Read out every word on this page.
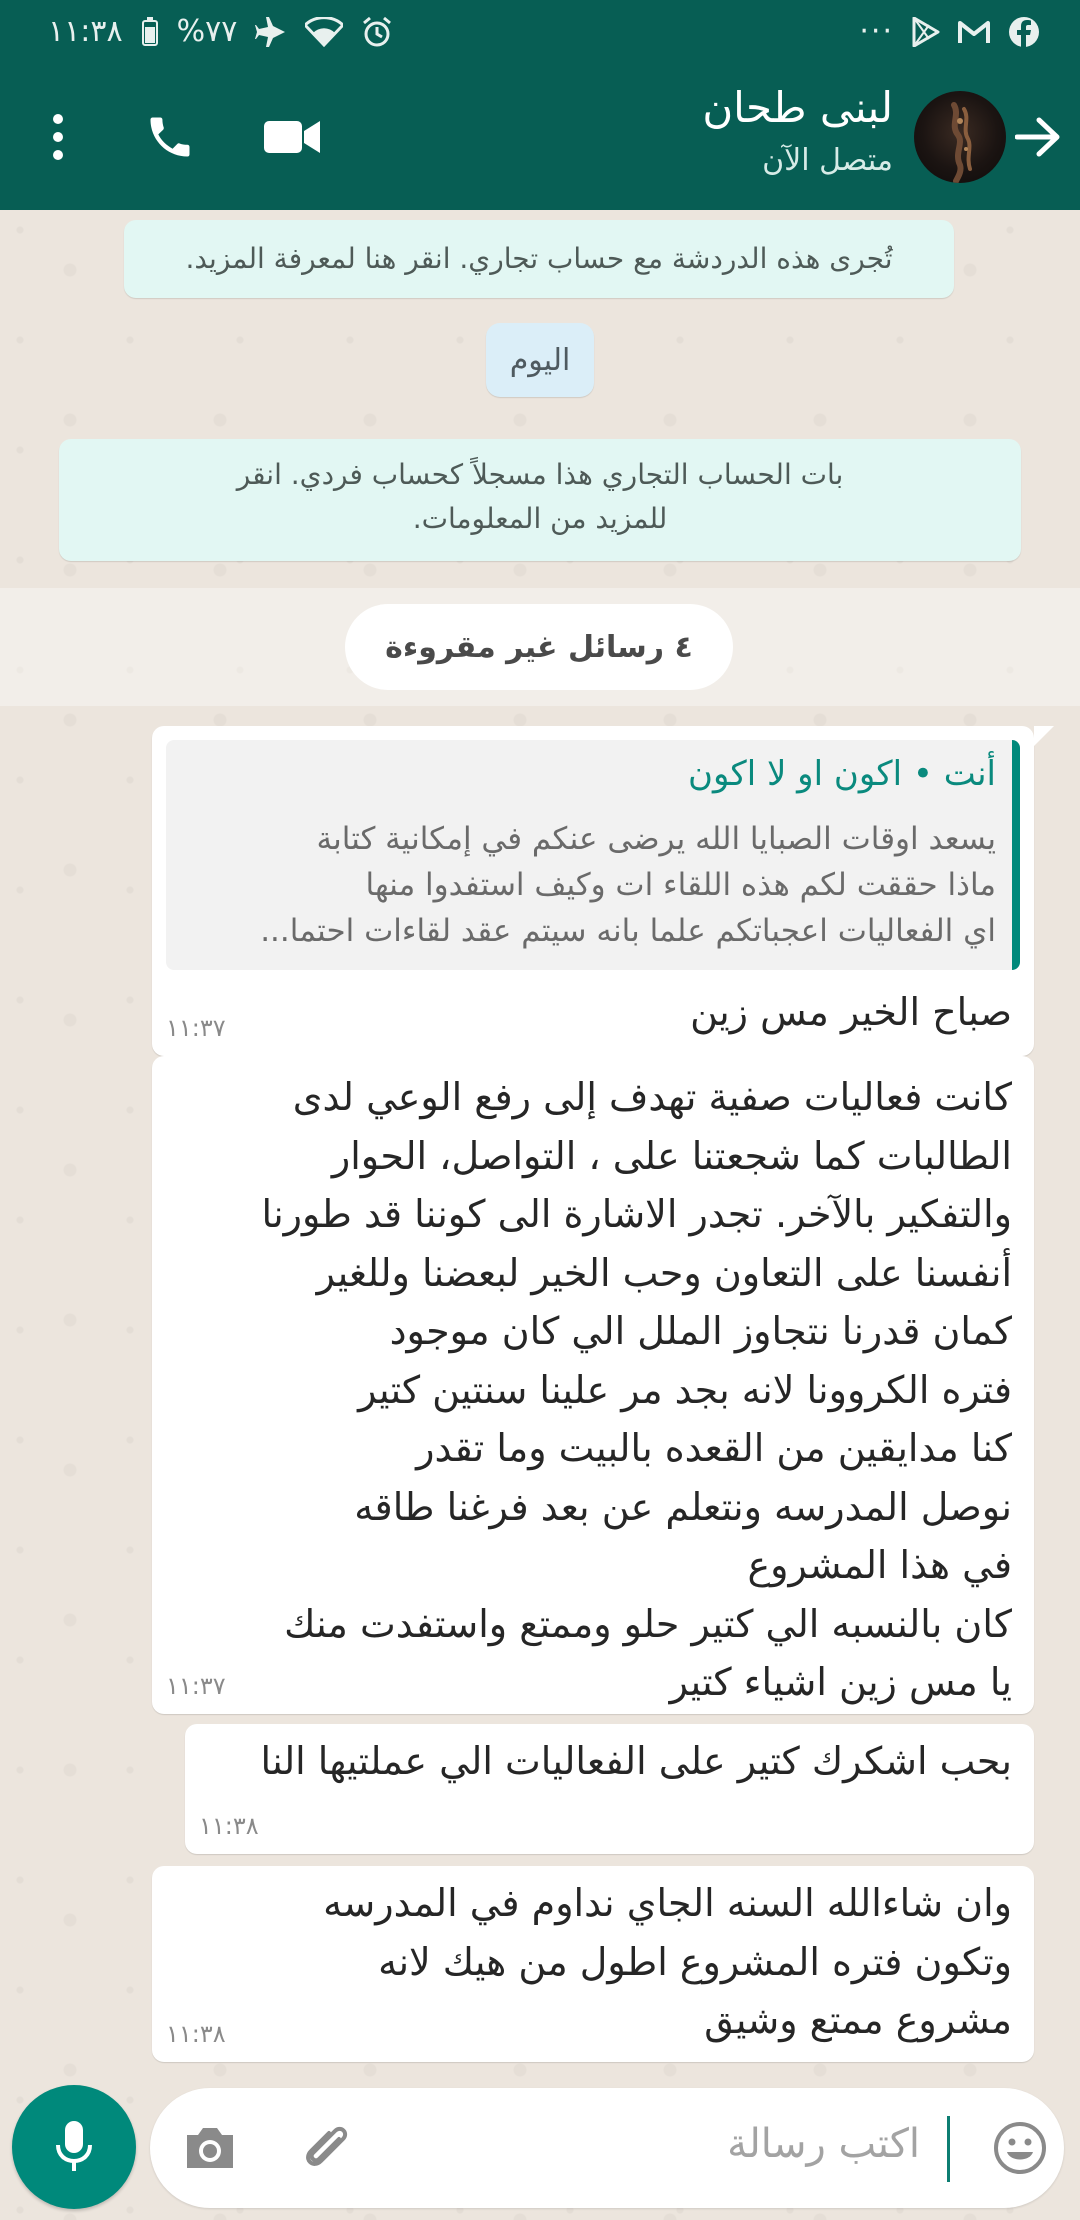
١١:٣٨ %٧٧	···
لبنى طحان
متصل الآن
تُجرى هذه الدردشة مع حساب تجاري. انقر هنا لمعرفة المزيد.
اليوم
بات الحساب التجاري هذا مسجلاً كحساب فردي. انقر
للمزيد من المعلومات.
٤ رسائل غير مقروءة
أنت • اكون او لا اكون
يسعد اوقات الصبايا الله يرضى عنكم في إمكانية كتابة
ماذا حققت لكم هذه اللقاء ات وكيف استفدوا منها
اي الفعاليات اعجباتكم علما بانه سيتم عقد لقاءات احتما...
صباح الخير مس زين
١١:٣٧
كانت فعاليات صفية تهدف إلى رفع الوعي لدى
الطالبات كما شجعتنا على ، التواصل، الحوار
والتفكير بالآخر. تجدر الاشارة الى كوننا قد طورنا
أنفسنا على التعاون وحب الخير لبعضنا وللغير
كمان قدرنا نتجاوز الملل الي كان موجود
فتره الكروونا لانه بجد مر علينا سنتين كتير
كنا مدايقين من القعده بالبيت وما تقدر
نوصل المدرسه ونتعلم عن بعد فرغنا طاقه
في هذا المشروع
كان بالنسبه الي كتير حلو وممتع واستفدت منك
يا مس زين اشياء كتير
١١:٣٧
بحب اشكرك كتير على الفعاليات الي عملتيها النا
١١:٣٨
وان شاءالله السنه الجاي نداوم في المدرسه
وتكون فتره المشروع اطول من هيك لانه
مشروع ممتع وشيق
١١:٣٨
اكتب رسالة
